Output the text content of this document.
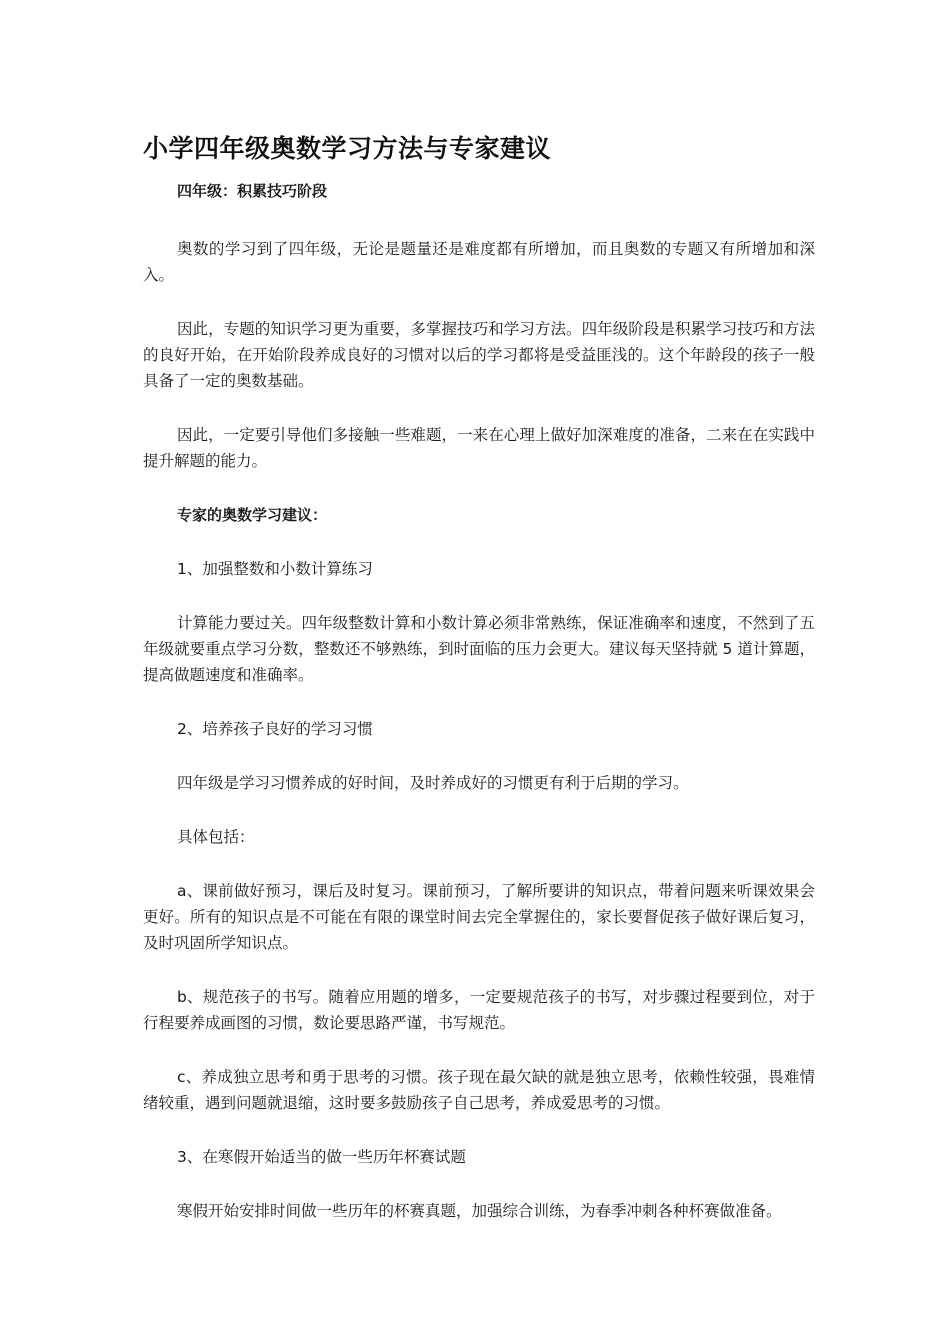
小学四年级奥数学习方法与专家建议
四年级：积累技巧阶段

奥数的学习到了四年级，无论是题量还是难度都有所增加，而且奥数的专题又有所增加和深入。

因此，专题的知识学习更为重要，多掌握技巧和学习方法。四年级阶段是积累学习技巧和方法的良好开始，在开始阶段养成良好的习惯对以后的学习都将是受益匪浅的。这个年龄段的孩子一般具备了一定的奥数基础。

因此，一定要引导他们多接触一些难题，一来在心理上做好加深难度的准备，二来在在实践中提升解题的能力。

专家的奥数学习建议：

1、加强整数和小数计算练习

计算能力要过关。四年级整数计算和小数计算必须非常熟练，保证准确率和速度，不然到了五年级就要重点学习分数，整数还不够熟练，到时面临的压力会更大。建议每天坚持就 5 道计算题，提高做题速度和准确率。

2、培养孩子良好的学习习惯

四年级是学习习惯养成的好时间，及时养成好的习惯更有利于后期的学习。

具体包括：

a、课前做好预习，课后及时复习。课前预习，了解所要讲的知识点，带着问题来听课效果会更好。所有的知识点是不可能在有限的课堂时间去完全掌握住的，家长要督促孩子做好课后复习，及时巩固所学知识点。

b、规范孩子的书写。随着应用题的增多，一定要规范孩子的书写，对步骤过程要到位，对于行程要养成画图的习惯，数论要思路严谨，书写规范。

c、养成独立思考和勇于思考的习惯。孩子现在最欠缺的就是独立思考，依赖性较强，畏难情绪较重，遇到问题就退缩，这时要多鼓励孩子自己思考，养成爱思考的习惯。

3、在寒假开始适当的做一些历年杯赛试题

寒假开始安排时间做一些历年的杯赛真题，加强综合训练，为春季冲刺各种杯赛做准备。
